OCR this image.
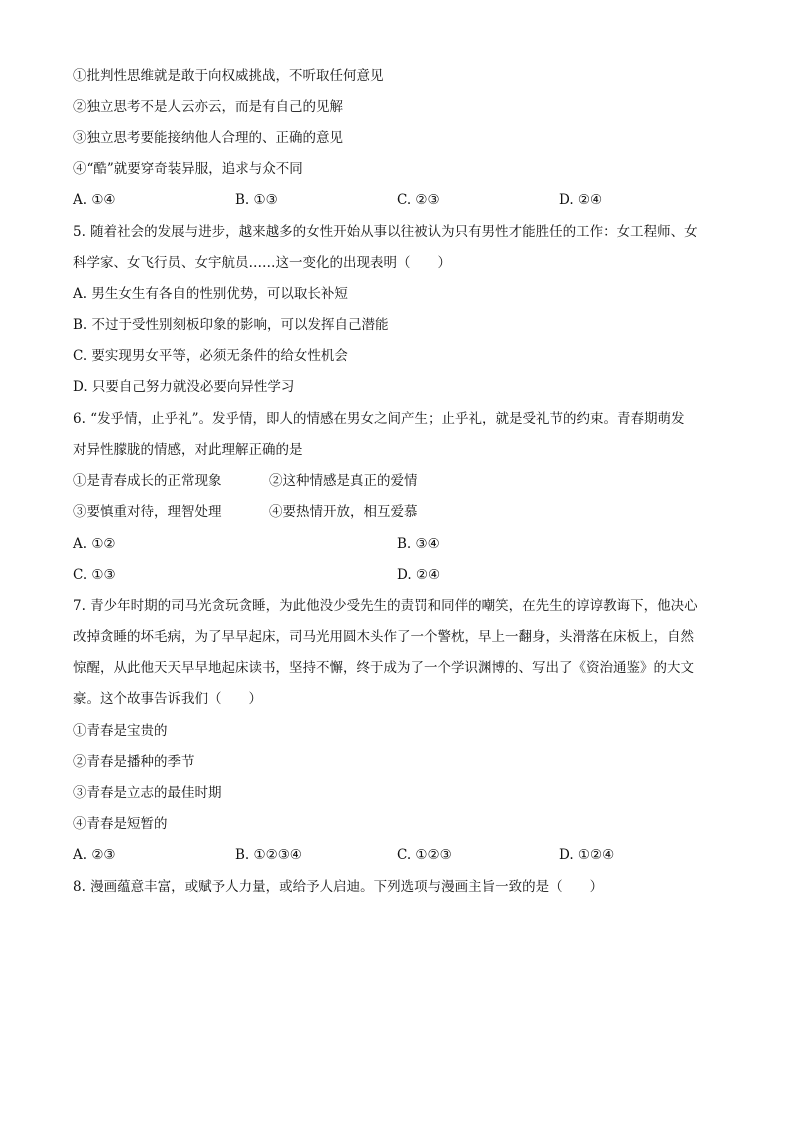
①批判性思维就是敢于向权威挑战，不听取任何意见
②独立思考不是人云亦云，而是有自己的见解
③独立思考要能接纳他人合理的、正确的意见
④“酷”就要穿奇装异服，追求与众不同
A. ①④	B. ①③	C. ②③	D. ②④
5. 随着社会的发展与进步，越来越多的女性开始从事以往被认为只有男性才能胜任的工作：女工程师、女
科学家、女飞行员、女宇航员……这一变化的出现表明（　　）
A. 男生女生有各自的性别优势，可以取长补短
B. 不过于受性别刻板印象的影响，可以发挥自己潜能
C. 要实现男女平等，必须无条件的给女性机会
D. 只要自己努力就没必要向异性学习
6. “发乎情，止乎礼”。发乎情，即人的情感在男女之间产生；止乎礼，就是受礼节的约束。青春期萌发
对异性朦胧的情感，对此理解正确的是
①是青春成长的正常现象	②这种情感是真正的爱情
③要慎重对待，理智处理	④要热情开放，相互爱慕
A. ①②	B. ③④
C. ①③	D. ②④
7. 青少年时期的司马光贪玩贪睡，为此他没少受先生的责罚和同伴的嘲笑，在先生的谆谆教诲下，他决心
改掉贪睡的坏毛病，为了早早起床，司马光用圆木头作了一个警枕，早上一翻身，头滑落在床板上，自然
惊醒，从此他天天早早地起床读书，坚持不懈，终于成为了一个学识渊博的、写出了《资治通鉴》的大文
豪。这个故事告诉我们（　　）
①青春是宝贵的
②青春是播种的季节
③青春是立志的最佳时期
④青春是短暂的
A. ②③	B. ①②③④	C. ①②③	D. ①②④
8. 漫画蕴意丰富，或赋予人力量，或给予人启迪。下列选项与漫画主旨一致的是（　　）
